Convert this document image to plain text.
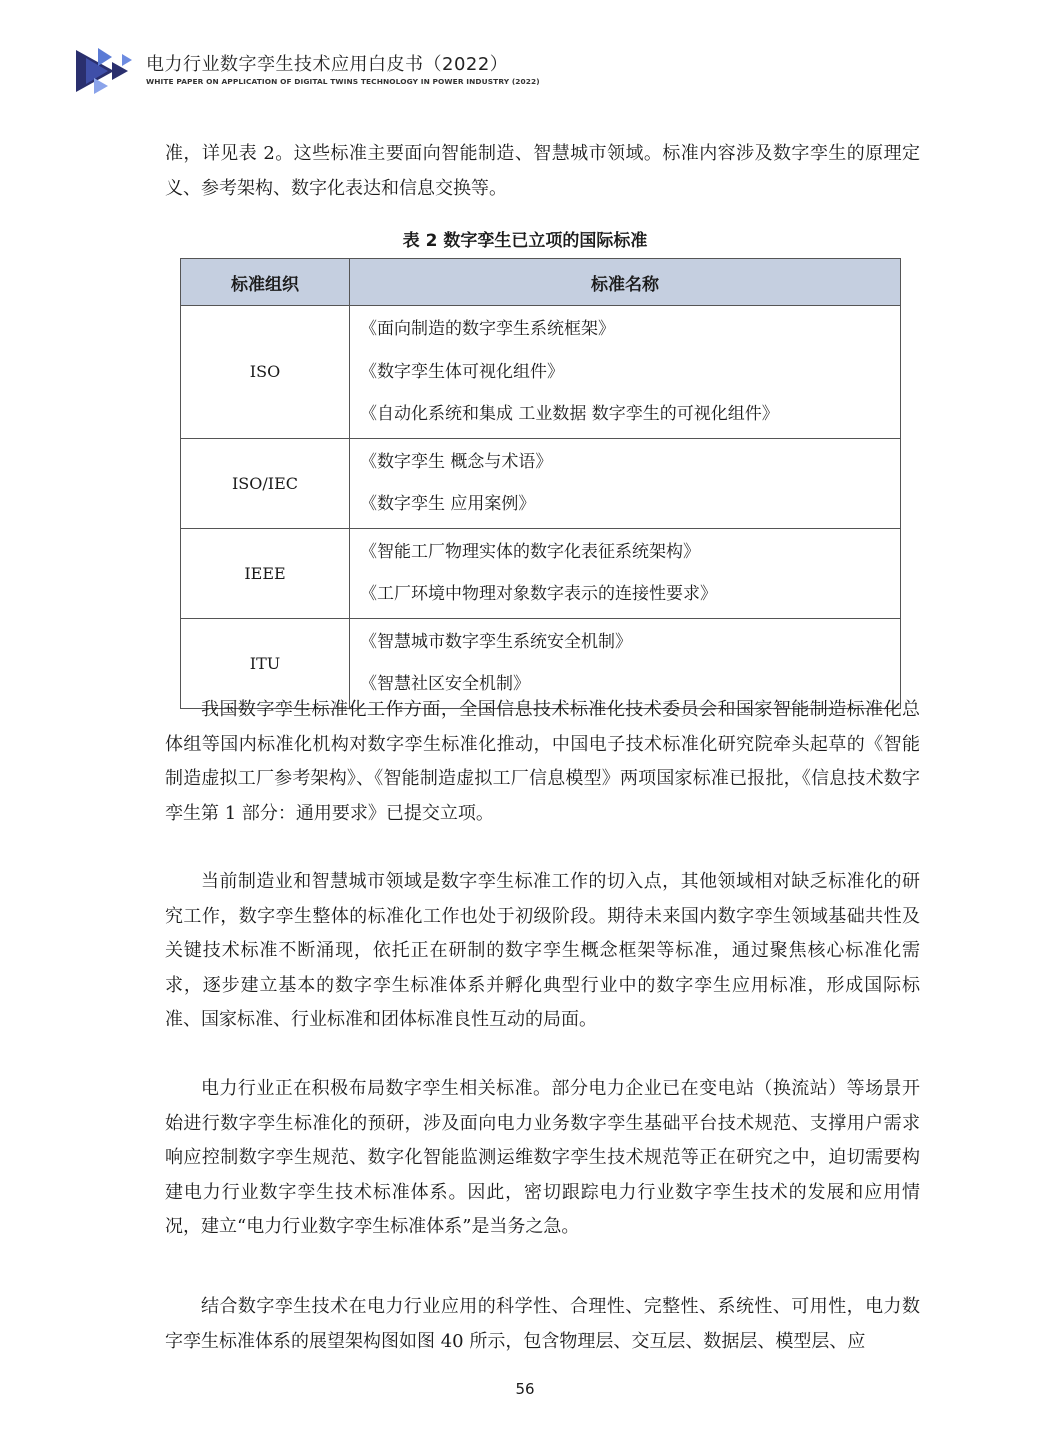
电力行业数字孪生技术应用白皮书（2022）
WHITE PAPER ON APPLICATION OF DIGITAL TWINS TECHNOLOGY IN POWER INDUSTRY (2022)

准，详见表 2。这些标准主要面向智能制造、智慧城市领域。标准内容涉及数字孪生的原理定义、参考架构、数字化表达和信息交换等。

表 2 数字孪生已立项的国际标准
标准组织	标准名称
ISO	《面向制造的数字孪生系统框架》
《数字孪生体可视化组件》
《自动化系统和集成 工业数据 数字孪生的可视化组件》

ISO/IEC	《数字孪生 概念与术语》
《数字孪生 应用案例》

IEEE	《智能工厂物理实体的数字化表征系统架构》
《工厂环境中物理对象数字表示的连接性要求》

ITU	《智慧城市数字孪生系统安全机制》
《智慧社区安全机制》

我国数字孪生标准化工作方面，全国信息技术标准化技术委员会和国家智能制造标准化总体组等国内标准化机构对数字孪生标准化推动，中国电子技术标准化研究院牵头起草的《智能制造虚拟工厂参考架构》、《智能制造虚拟工厂信息模型》两项国家标准已报批，《信息技术数字孪生第 1 部分：通用要求》已提交立项。

当前制造业和智慧城市领域是数字孪生标准工作的切入点，其他领域相对缺乏标准化的研究工作，数字孪生整体的标准化工作也处于初级阶段。期待未来国内数字孪生领域基础共性及关键技术标准不断涌现，依托正在研制的数字孪生概念框架等标准，通过聚焦核心标准化需求，逐步建立基本的数字孪生标准体系并孵化典型行业中的数字孪生应用标准，形成国际标准、国家标准、行业标准和团体标准良性互动的局面。

电力行业正在积极布局数字孪生相关标准。部分电力企业已在变电站（换流站）等场景开始进行数字孪生标准化的预研，涉及面向电力业务数字孪生基础平台技术规范、支撑用户需求响应控制数字孪生规范、数字化智能监测运维数字孪生技术规范等正在研究之中，迫切需要构建电力行业数字孪生技术标准体系。因此，密切跟踪电力行业数字孪生技术的发展和应用情况，建立“电力行业数字孪生标准体系”是当务之急。

结合数字孪生技术在电力行业应用的科学性、合理性、完整性、系统性、可用性，电力数字孪生标准体系的展望架构图如图 40 所示，包含物理层、交互层、数据层、模型层、应

56
